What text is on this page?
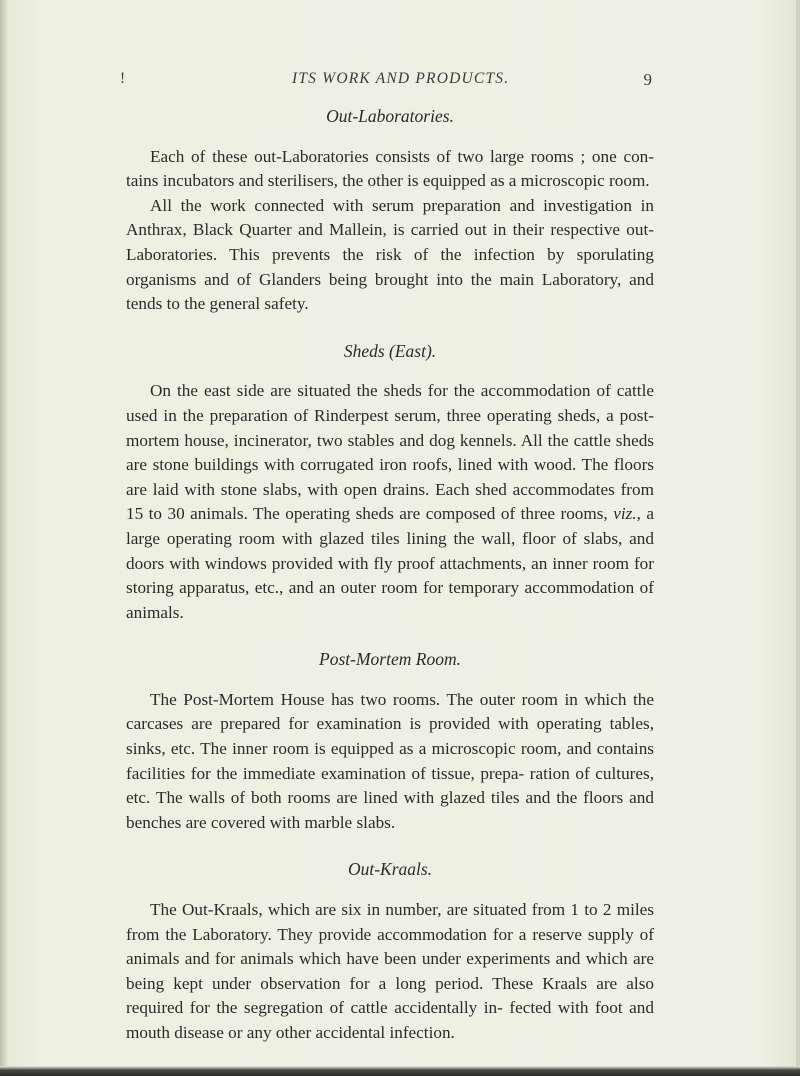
!	ITS WORK AND PRODUCTS.	9

Out-Laboratories.

Each of these out-Laboratories consists of two large rooms ; one con- tains incubators and sterilisers, the other is equipped as a microscopic room.

All the work connected with serum preparation and investigation in Anthrax, Black Quarter and Mallein, is carried out in their respective out-Laboratories. This prevents the risk of the infection by sporulating organisms and of Glanders being brought into the main Laboratory, and tends to the general safety.

Sheds (East).

On the east side are situated the sheds for the accommodation of cattle used in the preparation of Rinderpest serum, three operating sheds, a post-mortem house, incinerator, two stables and dog kennels. All the cattle sheds are stone buildings with corrugated iron roofs, lined with wood. The floors are laid with stone slabs, with open drains. Each shed accommodates from 15 to 30 animals. The operating sheds are composed of three rooms, viz., a large operating room with glazed tiles lining the wall, floor of slabs, and doors with windows provided with fly proof attachments, an inner room for storing apparatus, etc., and an outer room for temporary accommodation of animals.

Post-Mortem Room.

The Post-Mortem House has two rooms. The outer room in which the carcases are prepared for examination is provided with operating tables, sinks, etc. The inner room is equipped as a microscopic room, and contains facilities for the immediate examination of tissue, prepa- ration of cultures, etc. The walls of both rooms are lined with glazed tiles and the floors and benches are covered with marble slabs.

Out-Kraals.

The Out-Kraals, which are six in number, are situated from 1 to 2 miles from the Laboratory. They provide accommodation for a reserve supply of animals and for animals which have been under experiments and which are being kept under observation for a long period. These Kraals are also required for the segregation of cattle accidentally in- fected with foot and mouth disease or any other accidental infection.
